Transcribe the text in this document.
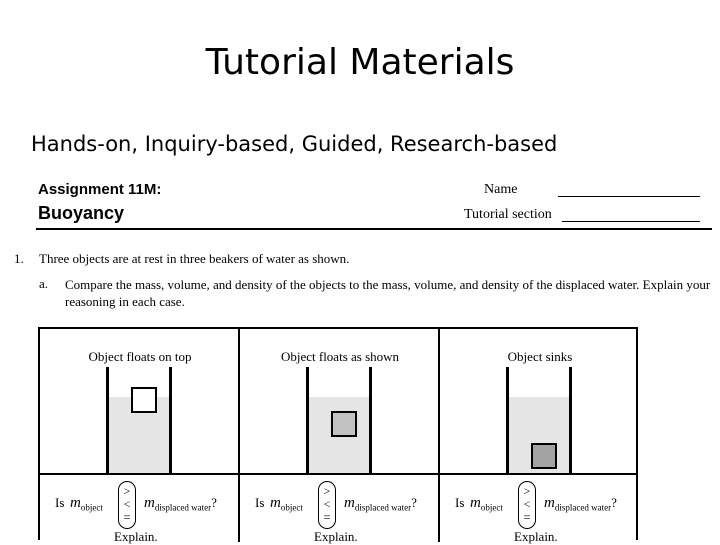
Tutorial Materials
Hands-on, Inquiry-based, Guided, Research-based
Assignment 11M:
Buoyancy
Name
Tutorial section
1. Three objects are at rest in three beakers of water as shown.
a. Compare the mass, volume, and density of the objects to the mass, volume, and density of the displaced water. Explain your reasoning in each case.
Object floats on top
Is $m_{object}$
>
<
=
$m_{displaced water}$?
Explain.
Object floats as shown
Is $m_{object}$
>
<
=
$m_{displaced water}$?
Explain.
Object sinks
Is $m_{object}$
>
<
=
$m_{displaced water}$?
Explain.
